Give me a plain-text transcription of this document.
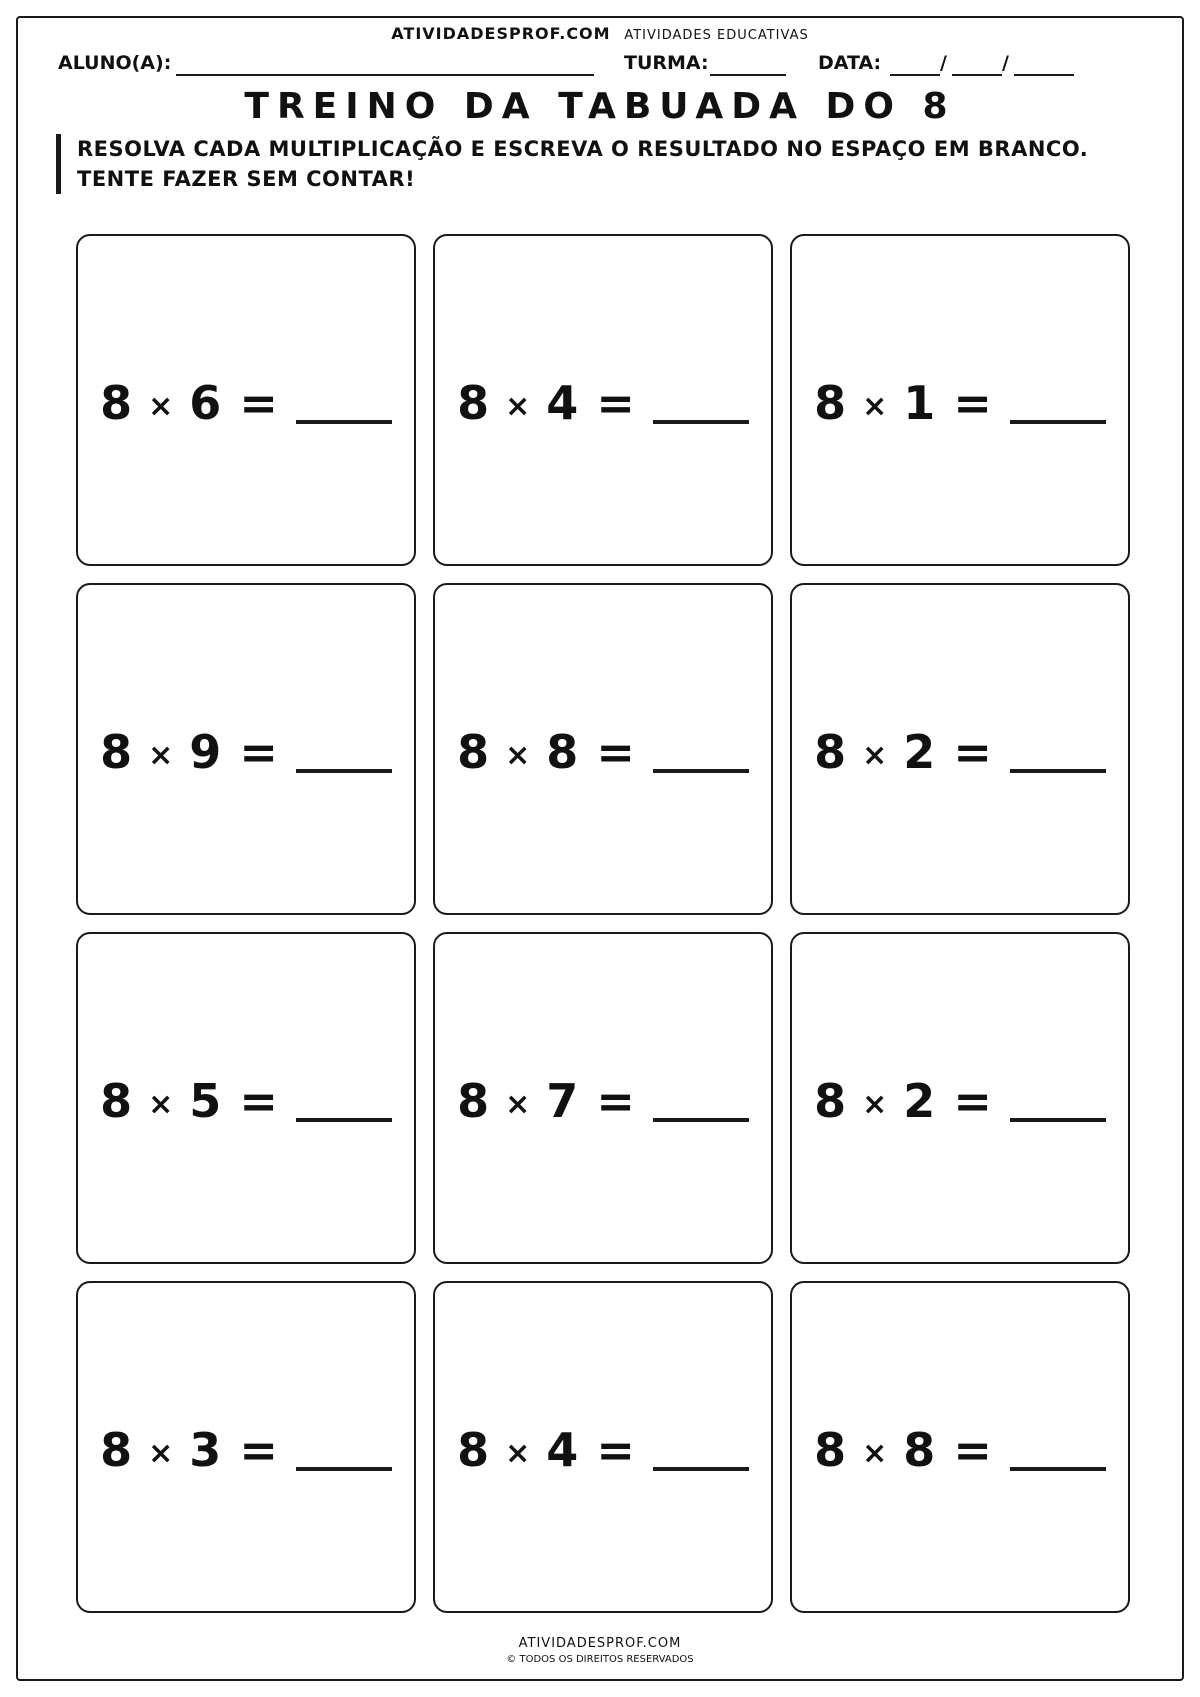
ATIVIDADESPROF.COM ATIVIDADES EDUCATIVAS
ALUNO(A):	TURMA:	DATA:	/	/
TREINO DA TABUADA DO 8
RESOLVA CADA MULTIPLICAÇÃO E ESCREVA O RESULTADO NO ESPAÇO EM BRANCO.
TENTE FAZER SEM CONTAR!
8 × 6 =	8 × 4 =	8 × 1 =
8 × 9 =	8 × 8 =	8 × 2 =
8 × 5 =	8 × 7 =	8 × 2 =
8 × 3 =	8 × 4 =	8 × 8 =
ATIVIDADESPROF.COM
© TODOS OS DIREITOS RESERVADOS
